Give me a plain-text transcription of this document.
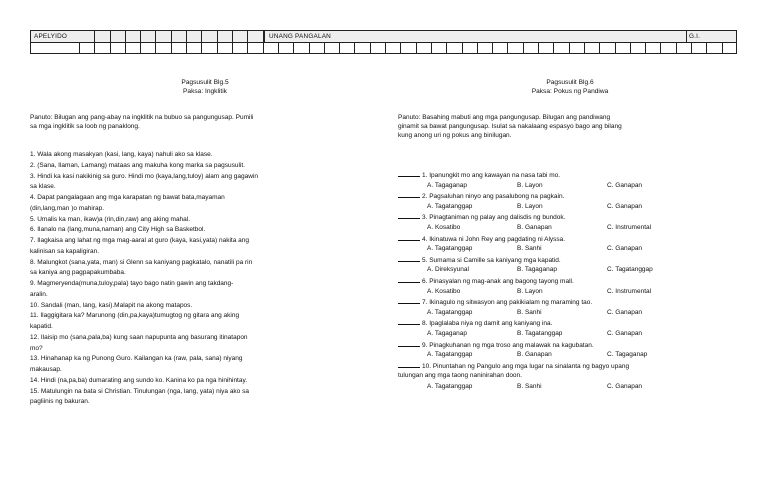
APELYIDO	UNANG PANGALAN	G.I.
Pagsusulit Blg.5
Paksa: Ingklitik
Panuto: Bilugan ang pang-abay na ingklitik na bubuo sa pangungusap. Pumili
sa mga ingklitik sa loob ng panaklong.
1. Wala akong masakyan (kasi, lang, kaya) nahuli ako sa klase.
2. (Sana, Ilaman, Lamang) mataas ang makuha kong marka sa pagsusulit.
3. Hindi ka kasi nakikinig sa guro. Hindi mo (kaya,lang,tuloy) alam ang gagawin
sa klase.
4. Dapat pangalagaan ang mga karapatan ng bawat bata,mayaman
(din,lang,man )o mahirap.
5. Umalis ka man, ikaw)a (rin,din,raw) ang aking mahal.
6. Ilanalo na (lang,muna,naman) ang City High sa Basketbol.
7. Ilagkaisa ang lahat ng mga mag-aaral at guro (kaya, kasi,yata) nakita ang
kalinisan sa kapaligiran.
8. Malungkot (sana,yata, man) si Glenn sa kaniyang pagkatalo, nanatili pa rin
sa kaniya ang pagpapakumbaba.
9. Magmeryenda(muna,tuloy,pala) tayo bago natin gawin ang takdang-
aralin.
10. Sandali (man, lang, kasi).Malapit na akong matapos.
11. Ilaggigitara ka? Marunong (din,pa,kaya)tumugtog ng gitara ang aking
kapatid.
12. Ilaisip mo (sana,pala,ba) kung saan napupunta ang basurang itinatapon
mo?
13. Hinahanap ka ng Punong Guro. Kailangan ka (raw, pala, sana) niyang
makausap.
14. Hindi (na,pa,ba) dumarating ang sundo ko. Kanina ko pa nga hinihintay.
15. Matulungin na bata si Christian. Tinulungan (nga, lang, yata) niya ako sa
pagliinis ng bakuran.
Pagsusulit Blg.6
Paksa: Pokus ng Pandiwa
Panuto: Basahing mabuti ang mga pangungusap. Bilugan ang pandiwang
ginamit sa bawat pangungusap. Isulat sa nakalaang espasyo bago ang bilang
kung anong uri ng pokus ang binilugan.
1. Ipanungkit mo ang kawayan na nasa tabi mo.
A. Tagaganap	B. Layon	C. Ganapan
2. Pagsaluhan ninyo ang pasalubong na pagkain.
A. Tagatanggap	B. Layon	C. Ganapan
3. Pinagtaniman ng palay ang dalisdis ng bundok.
A. Kosatibo	B. Ganapan	C. Instrumental
4. Ikinatuwa ni John Rey ang pagdating ni Alyssa.
A. Tagatanggap	B. Sanhi	C. Ganapan
5. Sumama si Camille sa kaniyang mga kapatid.
A. Direksyunal	B. Tagaganap	C. Tagatanggap
6. Pinasyalan ng mag-anak ang bagong tayong mall.
A. Kosatibo	B. Layon	C. Instrumental
7. Ikinagulo ng sitwasyon ang pakikialam ng maraming tao.
A. Tagatanggap	B. Sanhi	C. Ganapan
8. Ipaglalaba niya ng damit ang kaniyang ina.
A. Tagaganap	B. Tagatanggap	C. Ganapan
9. Pinagkuhanan ng mga troso ang malawak na kagubatan.
A. Tagatanggap	B. Ganapan	C. Tagaganap
10. Pinuntahan ng Pangulo ang mga lugar na sinalanta ng bagyo upang
tulungan ang mga taong naninirahan doon.
A. Tagatanggap	B. Sanhi	C. Ganapan
